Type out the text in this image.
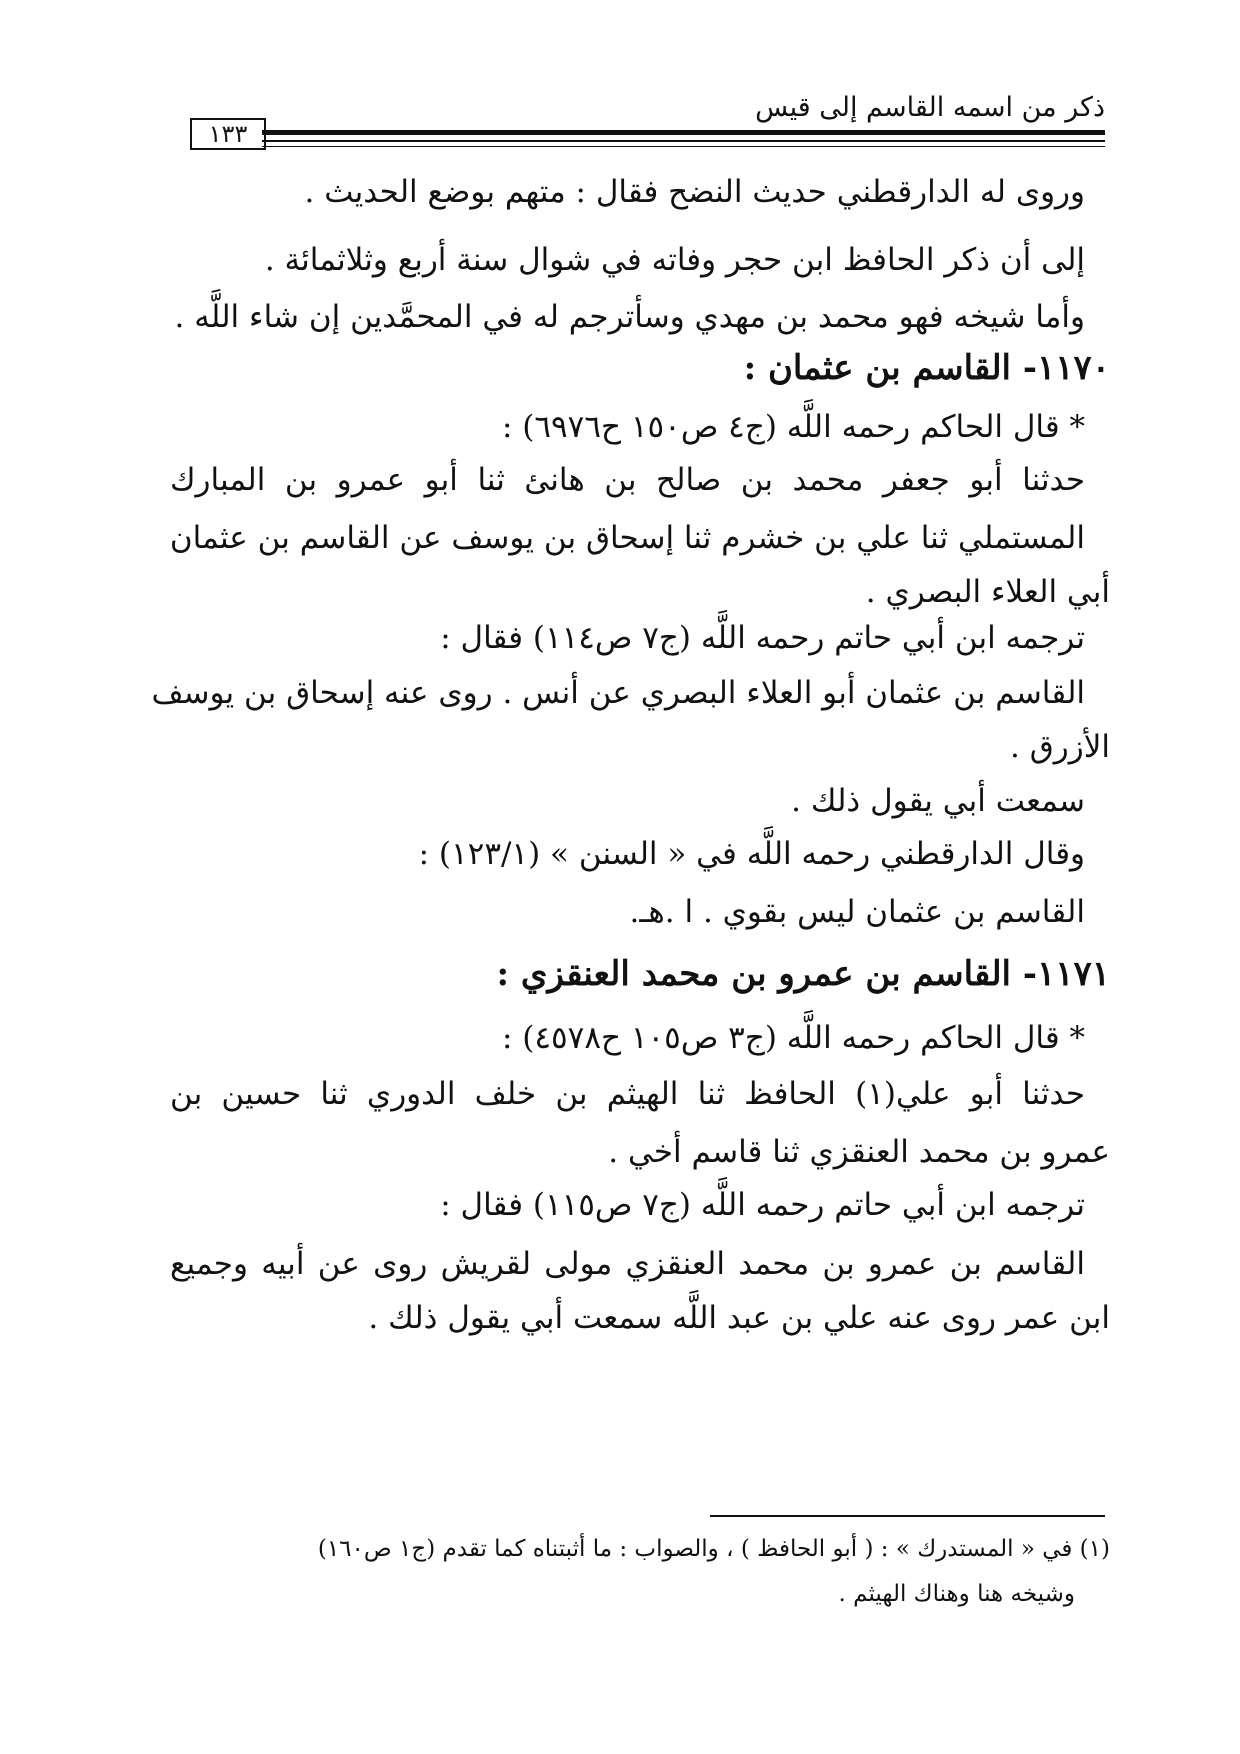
ذكر من اسمه القاسم إلى قيس
١٣٣
وروى له الدارقطني حديث النضح فقال : متهم بوضع الحديث .
إلى أن ذكر الحافظ ابن حجر وفاته في شوال سنة أربع وثلاثمائة .
وأما شيخه فهو محمد بن مهدي وسأترجم له في المحمَّدين إن شاء اللَّه .
١١٧٠- القاسم بن عثمان :
* قال الحاكم رحمه اللَّه (ج٤ ص١٥٠ ح٦٩٧٦) :
حدثنا أبو جعفر محمد بن صالح بن هانئ ثنا أبو عمرو بن المبارك
المستملي ثنا علي بن خشرم ثنا إسحاق بن يوسف عن القاسم بن عثمان
أبي العلاء البصري .
ترجمه ابن أبي حاتم رحمه اللَّه (ج٧ ص١١٤) فقال :
القاسم بن عثمان أبو العلاء البصري عن أنس . روى عنه إسحاق بن يوسف
الأزرق .
سمعت أبي يقول ذلك .
وقال الدارقطني رحمه اللَّه في « السنن » (١٢٣/١) :
القاسم بن عثمان ليس بقوي . ا .هـ.
١١٧١- القاسم بن عمرو بن محمد العنقزي :
* قال الحاكم رحمه اللَّه (ج٣ ص١٠٥ ح٤٥٧٨) :
حدثنا أبو علي(١) الحافظ ثنا الهيثم بن خلف الدوري ثنا حسين بن
عمرو بن محمد العنقزي ثنا قاسم أخي .
ترجمه ابن أبي حاتم رحمه اللَّه (ج٧ ص١١٥) فقال :
القاسم بن عمرو بن محمد العنقزي مولى لقريش روى عن أبيه وجميع
ابن عمر روى عنه علي بن عبد اللَّه سمعت أبي يقول ذلك .
(١) في « المستدرك » : ( أبو الحافظ ) ، والصواب : ما أثبتناه كما تقدم (ج١ ص١٦٠)
وشيخه هنا وهناك الهيثم .
